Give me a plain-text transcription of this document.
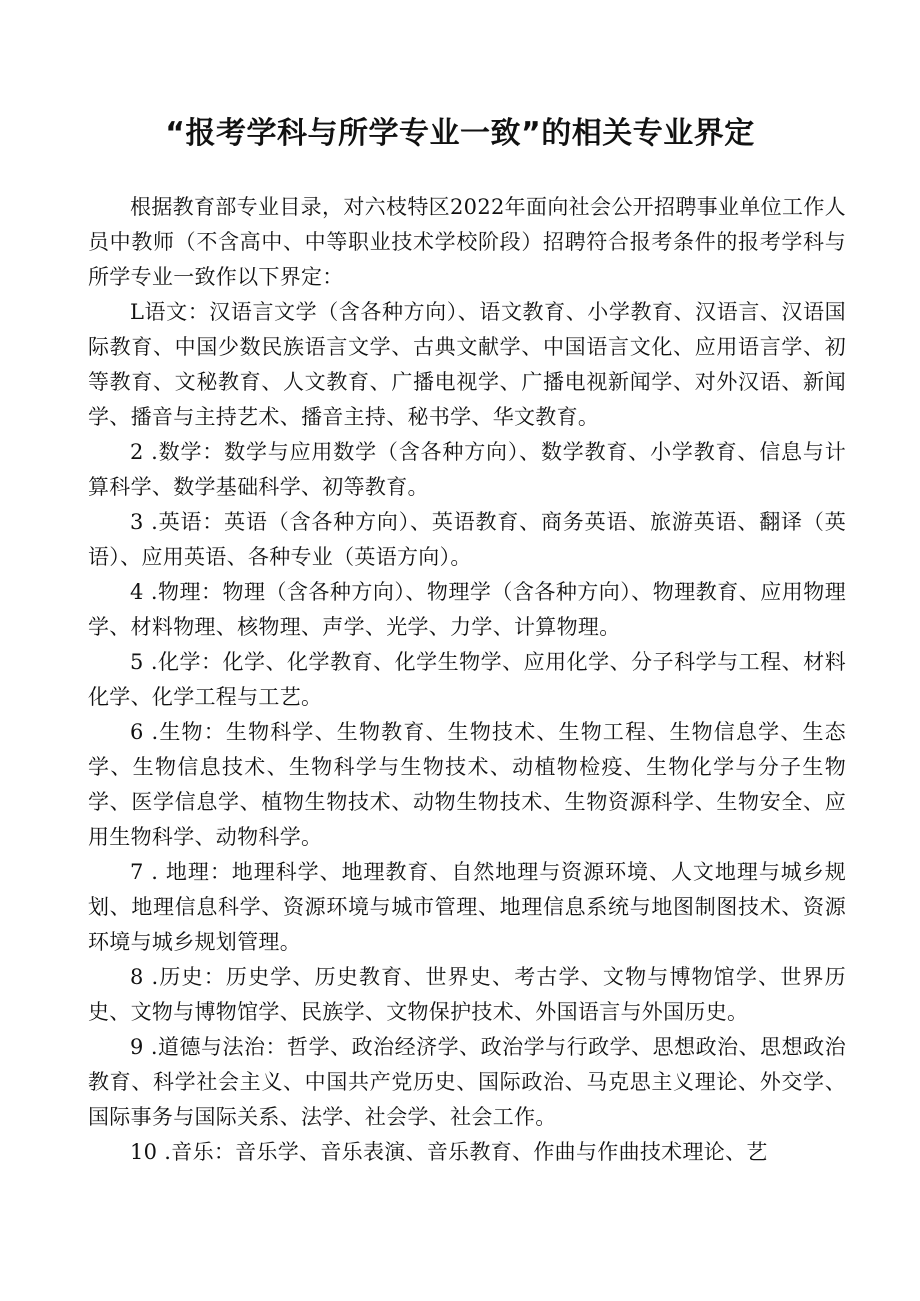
“报考学科与所学专业一致”的相关专业界定

根据教育部专业目录，对六枝特区2022年面向社会公开招聘事业单位工作人员中教师（不含高中、中等职业技术学校阶段）招聘符合报考条件的报考学科与所学专业一致作以下界定：

L语文：汉语言文学（含各种方向）、语文教育、小学教育、汉语言、汉语国际教育、中国少数民族语言文学、古典文献学、中国语言文化、应用语言学、初等教育、文秘教育、人文教育、广播电视学、广播电视新闻学、对外汉语、新闻学、播音与主持艺术、播音主持、秘书学、华文教育。

2 .数学：数学与应用数学（含各种方向）、数学教育、小学教育、信息与计算科学、数学基础科学、初等教育。

3 .英语：英语（含各种方向）、英语教育、商务英语、旅游英语、翻译（英语）、应用英语、各种专业（英语方向）。

4 .物理：物理（含各种方向）、物理学（含各种方向）、物理教育、应用物理学、材料物理、核物理、声学、光学、力学、计算物理。

5 .化学：化学、化学教育、化学生物学、应用化学、分子科学与工程、材料化学、化学工程与工艺。

6 .生物：生物科学、生物教育、生物技术、生物工程、生物信息学、生态学、生物信息技术、生物科学与生物技术、动植物检疫、生物化学与分子生物学、医学信息学、植物生物技术、动物生物技术、生物资源科学、生物安全、应用生物科学、动物科学。

7 . 地理：地理科学、地理教育、自然地理与资源环境、人文地理与城乡规划、地理信息科学、资源环境与城市管理、地理信息系统与地图制图技术、资源环境与城乡规划管理。

8 .历史：历史学、历史教育、世界史、考古学、文物与博物馆学、世界历史、文物与博物馆学、民族学、文物保护技术、外国语言与外国历史。

9 .道德与法治：哲学、政治经济学、政治学与行政学、思想政治、思想政治教育、科学社会主义、中国共产党历史、国际政治、马克思主义理论、外交学、国际事务与国际关系、法学、社会学、社会工作。

10 .音乐：音乐学、音乐表演、音乐教育、作曲与作曲技术理论、艺
